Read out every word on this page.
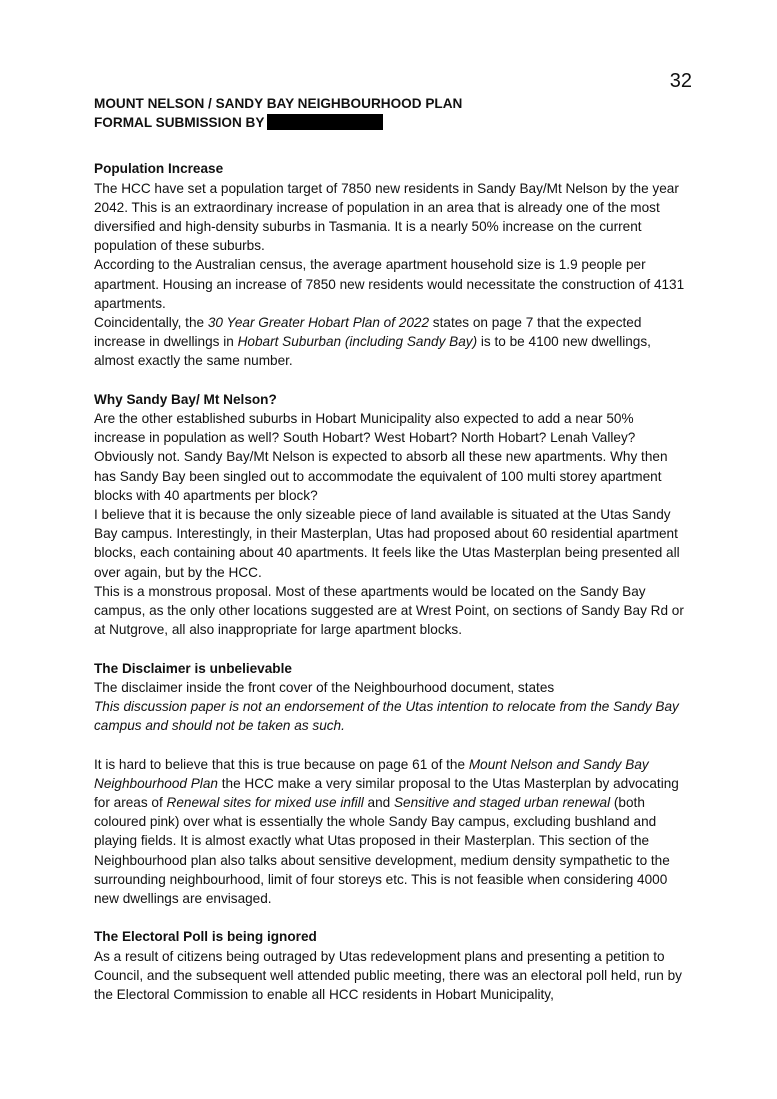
32
MOUNT NELSON / SANDY BAY NEIGHBOURHOOD PLAN
FORMAL SUBMISSION BY
Population Increase

The HCC have set a population target of 7850 new residents in Sandy Bay/Mt Nelson by the year 2042. This is an extraordinary increase of population in an area that is already one of the most diversified and high-density suburbs in Tasmania. It is a nearly 50% increase on the current population of these suburbs.

According to the Australian census, the average apartment household size is 1.9 people per apartment. Housing an increase of 7850 new residents would necessitate the construction of 4131 apartments.

Coincidentally, the 30 Year Greater Hobart Plan of 2022 states on page 7 that the expected increase in dwellings in Hobart Suburban (including Sandy Bay) is to be 4100 new dwellings, almost exactly the same number.

Why Sandy Bay/ Mt Nelson?

Are the other established suburbs in Hobart Municipality also expected to add a near 50% increase in population as well? South Hobart? West Hobart? North Hobart? Lenah Valley? Obviously not. Sandy Bay/Mt Nelson is expected to absorb all these new apartments. Why then has Sandy Bay been singled out to accommodate the equivalent of 100 multi storey apartment blocks with 40 apartments per block?

I believe that it is because the only sizeable piece of land available is situated at the Utas Sandy Bay campus. Interestingly, in their Masterplan, Utas had proposed about 60 residential apartment blocks, each containing about 40 apartments. It feels like the Utas Masterplan being presented all over again, but by the HCC.

This is a monstrous proposal. Most of these apartments would be located on the Sandy Bay campus, as the only other locations suggested are at Wrest Point, on sections of Sandy Bay Rd or at Nutgrove, all also inappropriate for large apartment blocks.

The Disclaimer is unbelievable

The disclaimer inside the front cover of the Neighbourhood document, states

This discussion paper is not an endorsement of the Utas intention to relocate from the Sandy Bay campus and should not be taken as such.

It is hard to believe that this is true because on page 61 of the Mount Nelson and Sandy Bay Neighbourhood Plan the HCC make a very similar proposal to the Utas Masterplan by advocating for areas of Renewal sites for mixed use infill and Sensitive and staged urban renewal (both coloured pink) over what is essentially the whole Sandy Bay campus, excluding bushland and playing fields. It is almost exactly what Utas proposed in their Masterplan. This section of the Neighbourhood plan also talks about sensitive development, medium density sympathetic to the surrounding neighbourhood, limit of four storeys etc. This is not feasible when considering 4000 new dwellings are envisaged.

The Electoral Poll is being ignored

As a result of citizens being outraged by Utas redevelopment plans and presenting a petition to Council, and the subsequent well attended public meeting, there was an electoral poll held, run by the Electoral Commission to enable all HCC residents in Hobart Municipality,
